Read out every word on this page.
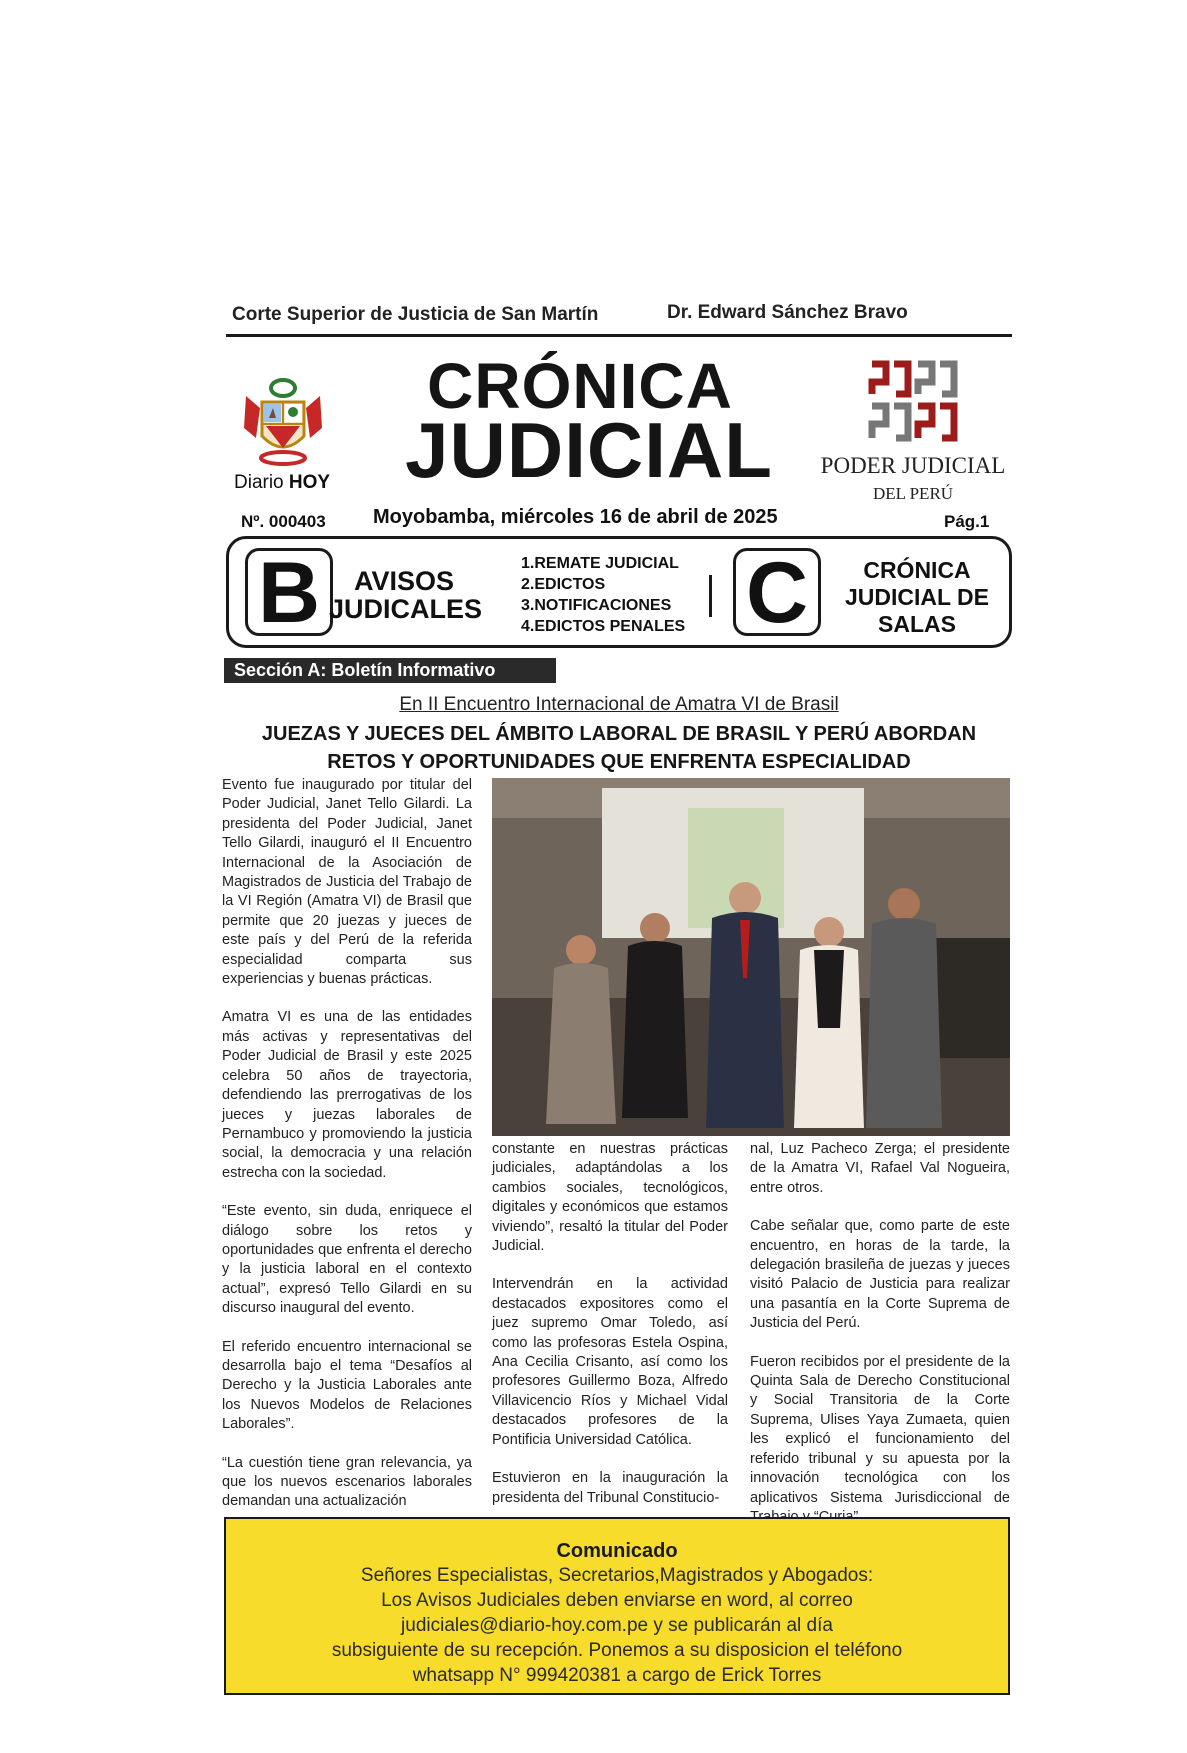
Corte Superior de Justicia de San Martín	Dr. Edward Sánchez Bravo
Diario HOY
CRÓNICA
JUDICIAL	PODER JUDICIAL
DEL PERÚ
Nº. 000403 Moyobamba, miércoles 16 de abril de 2025	Pág.1
B	AVISOS
JUDICALES
1.REMATE JUDICIAL
2.EDICTOS
3.NOTIFICACIONES
4.EDICTOS PENALES C	CRÓNICA
JUDICIAL DE
SALAS
Sección A: Boletín Informativo
En II Encuentro Internacional de Amatra VI de Brasil
JUEZAS Y JUECES DEL ÁMBITO LABORAL DE BRASIL Y PERÚ ABORDAN
RETOS Y OPORTUNIDADES QUE ENFRENTA ESPECIALIDAD

Evento fue inaugurado por titular del Poder Judicial, Janet Tello Gilardi. La presidenta del Poder Judicial, Janet Tello Gilardi, inauguró el II Encuentro Internacional de la Asociación de Magistrados de Justicia del Trabajo de la VI Región (Amatra VI) de Brasil que permite que 20 juezas y jueces de este país y del Perú de la referida especialidad comparta sus experiencias y buenas prácticas.

Amatra VI es una de las entidades más activas y representativas del Poder Judicial de Brasil y este 2025 celebra 50 años de trayectoria, defendiendo las prerrogativas de los jueces y juezas laborales de Pernambuco y promoviendo la justicia social, la democracia y una relación estrecha con la sociedad.

“Este evento, sin duda, enriquece el diálogo sobre los retos y oportunidades que enfrenta el derecho y la justicia laboral en el contexto actual”, expresó Tello Gilardi en su discurso inaugural del evento.

El referido encuentro internacional se desarrolla bajo el tema “Desafíos al Derecho y la Justicia Laborales ante los Nuevos Modelos de Relaciones Laborales”.

“La cuestión tiene gran relevancia, ya que los nuevos escenarios laborales demandan una actualización

constante en nuestras prácticas judiciales, adaptándolas a los cambios sociales, tecnológicos, digitales y económicos que estamos viviendo”, resaltó la titular del Poder Judicial.

Intervendrán en la actividad destacados expositores como el juez supremo Omar Toledo, así como las profesoras Estela Ospina, Ana Cecilia Crisanto, así como los profesores Guillermo Boza, Alfredo Villavicencio Ríos y Michael Vidal destacados profesores de la Pontificia Universidad Católica.

Estuvieron en la inauguración la presidenta del Tribunal Constitucio-

nal, Luz Pacheco Zerga; el presidente de la Amatra VI, Rafael Val Nogueira, entre otros.

Cabe señalar que, como parte de este encuentro, en horas de la tarde, la delegación brasileña de juezas y jueces visitó Palacio de Justicia para realizar una pasantía en la Corte Suprema de Justicia del Perú.

Fueron recibidos por el presidente de la Quinta Sala de Derecho Constitucional y Social Transitoria de la Corte Suprema, Ulises Yaya Zumaeta, quien les explicó el funcionamiento del referido tribunal y su apuesta por la innovación tecnológica con los aplicativos Sistema Jurisdiccional de

Comunicado
Señores Especialistas, Secretarios,Magistrados y Abogados:
Los Avisos Judiciales deben enviarse en word, al correo
judiciales@diario-hoy.com.pe y se publicarán al día
subsiguiente de su recepción. Ponemos a su disposicion el teléfono
whatsapp N° 999420381 a cargo de Erick Torres
